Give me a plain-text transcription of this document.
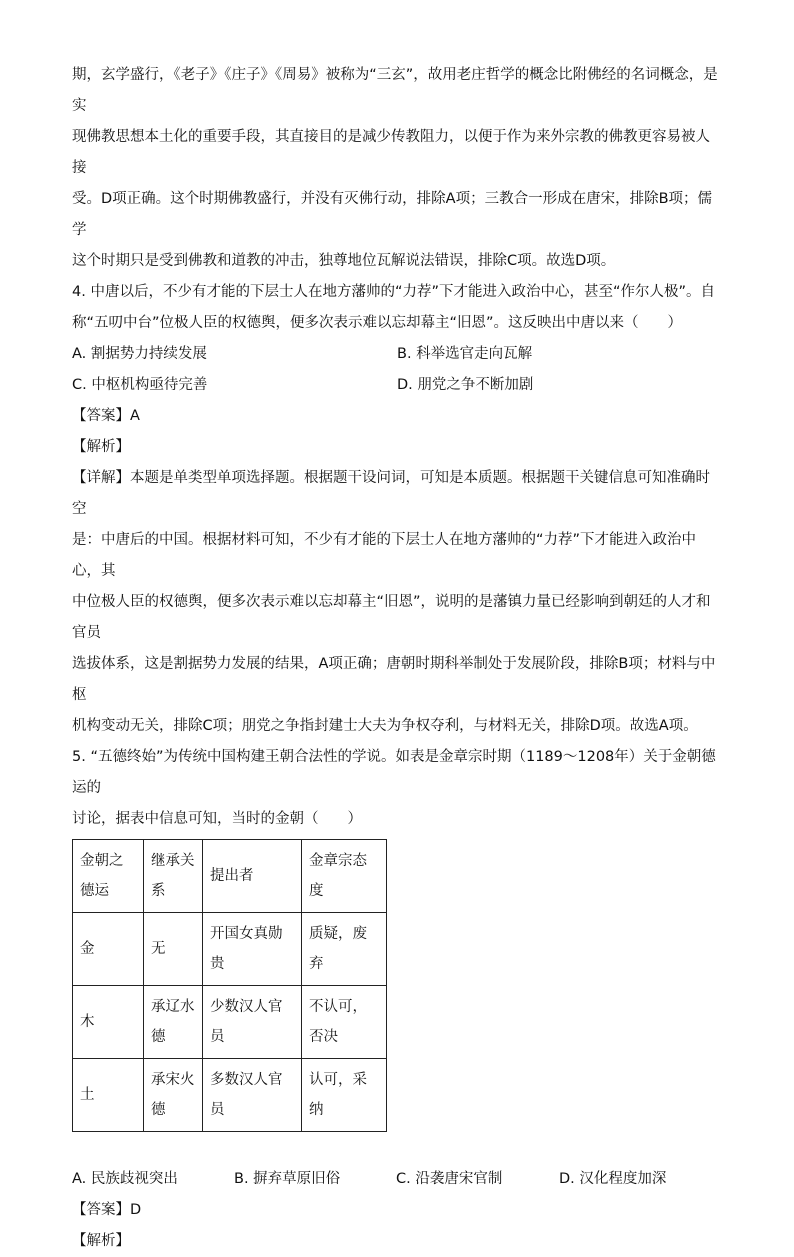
期，玄学盛行，《老子》《庄子》《周易》被称为“三玄”，故用老庄哲学的概念比附佛经的名词概念，是实

现佛教思想本土化的重要手段，其直接目的是减少传教阻力，以便于作为来外宗教的佛教更容易被人接

受。D项正确。这个时期佛教盛行，并没有灭佛行动，排除A项；三教合一形成在唐宋，排除B项；儒学

这个时期只是受到佛教和道教的冲击，独尊地位瓦解说法错误，排除C项。故选D项。

4. 中唐以后，不少有才能的下层士人在地方藩帅的“力荐”下才能进入政治中心，甚至“作尔人极”。自

称“五叨中台”位极人臣的权德舆，便多次表示难以忘却幕主“旧恩”。这反映出中唐以来（　　）

A. 割据势力持续发展	B. 科举选官走向瓦解
C. 中枢机构亟待完善	D. 朋党之争不断加剧

【答案】A

【解析】

【详解】本题是单类型单项选择题。根据题干设问词，可知是本质题。根据题干关键信息可知准确时空

是：中唐后的中国。根据材料可知，不少有才能的下层士人在地方藩帅的“力荐”下才能进入政治中心，其

中位极人臣的权德舆，便多次表示难以忘却幕主“旧恩”，说明的是藩镇力量已经影响到朝廷的人才和官员

选拔体系，这是割据势力发展的结果，A项正确；唐朝时期科举制处于发展阶段，排除B项；材料与中枢

机构变动无关，排除C项；朋党之争指封建士大夫为争权夺利，与材料无关，排除D项。故选A项。

5. “五德终始”为传统中国构建王朝合法性的学说。如表是金章宗时期（1189～1208年）关于金朝德运的

讨论，据表中信息可知，当时的金朝（　　）

金朝之德运	继承关系	提出者	金章宗态度
金	无	开国女真勋贵	质疑，废弃
木	承辽水德	少数汉人官员	不认可，否决
土	承宋火德	多数汉人官员	认可，采纳
A. 民族歧视突出	B. 摒弃草原旧俗	C. 沿袭唐宋官制	D. 汉化程度加深

【答案】D

【解析】
